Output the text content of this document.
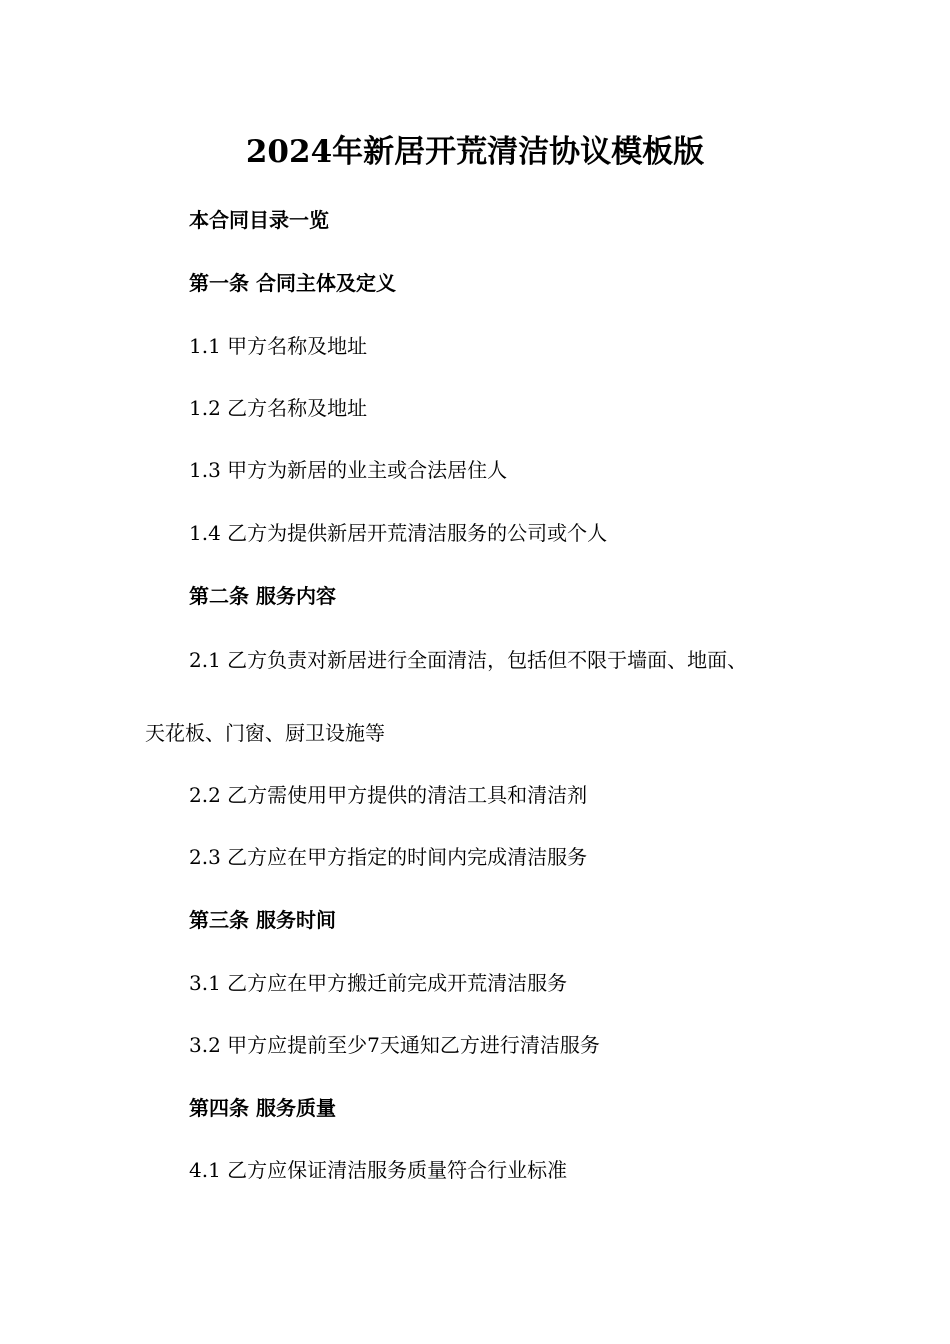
2024年新居开荒清洁协议模板版
本合同目录一览
第一条 合同主体及定义
1.1 甲方名称及地址
1.2 乙方名称及地址
1.3 甲方为新居的业主或合法居住人
1.4 乙方为提供新居开荒清洁服务的公司或个人
第二条 服务内容
2.1 乙方负责对新居进行全面清洁，包括但不限于墙面、地面、
天花板、门窗、厨卫设施等
2.2 乙方需使用甲方提供的清洁工具和清洁剂
2.3 乙方应在甲方指定的时间内完成清洁服务
第三条 服务时间
3.1 乙方应在甲方搬迁前完成开荒清洁服务
3.2 甲方应提前至少7天通知乙方进行清洁服务
第四条 服务质量
4.1 乙方应保证清洁服务质量符合行业标准
